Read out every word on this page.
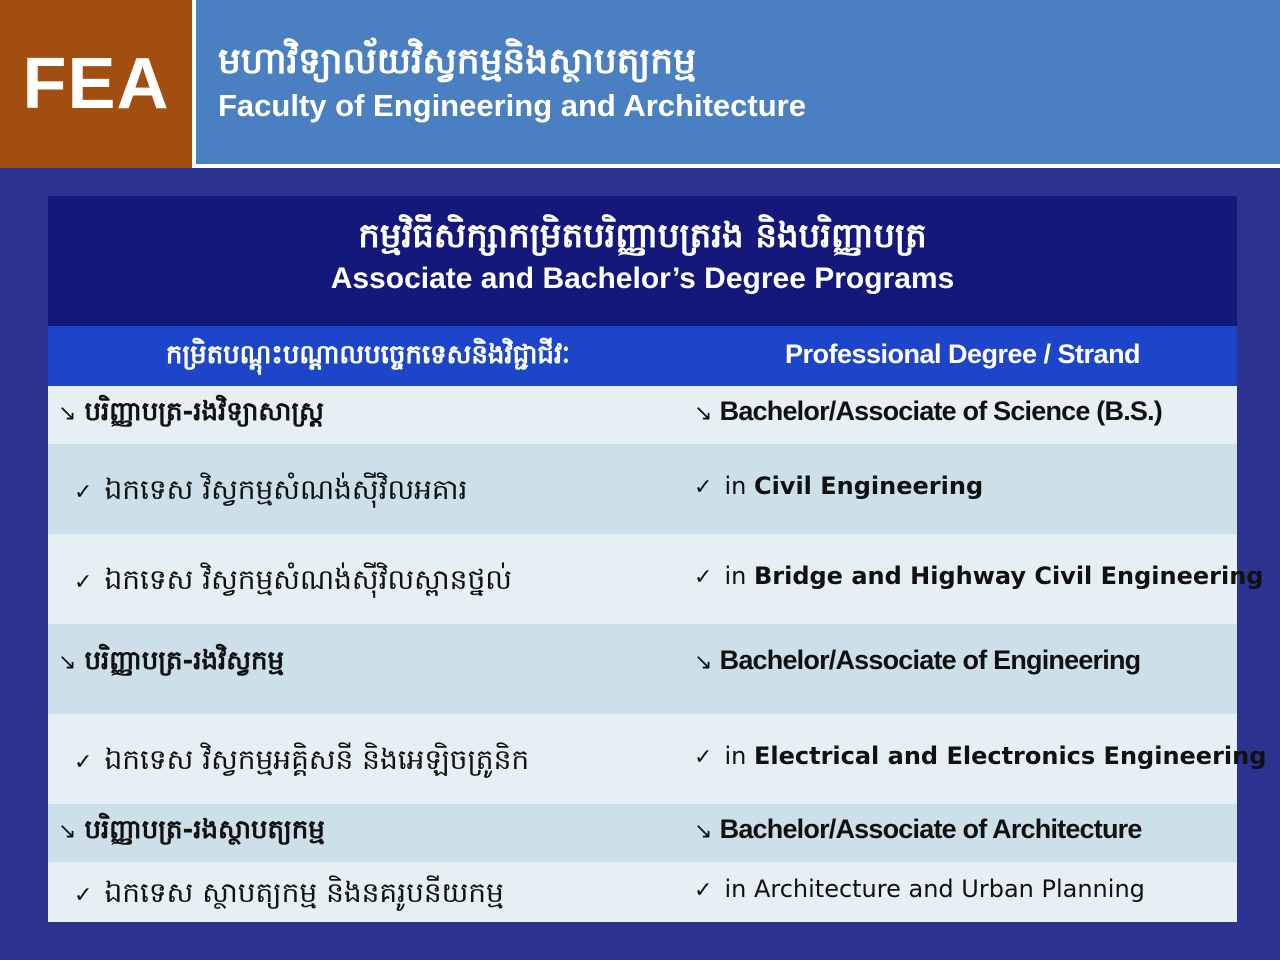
FEA មហាវិទ្យាល័យវិស្វកម្មនិងស្ថាបត្យកម្ម
Faculty of Engineering and Architecture
កម្មវិធីសិក្សាកម្រិតបរិញ្ញាបត្ររង និងបរិញ្ញាបត្រ
Associate and Bachelor’s Degree Programs
កម្រិតបណ្ដុះបណ្ដាលបច្ចេកទេសនិងវិជ្ជាជីវៈ	Professional Degree / Strand
↘ បរិញ្ញាបត្រ-រងវិទ្យាសាស្ត្រ	↘ Bachelor/Associate of Science (B.S.)
✓ ឯកទេស វិស្វកម្មសំណង់ស៊ីវិលអគារ	✓ in Civil Engineering
✓ ឯកទេស វិស្វកម្មសំណង់ស៊ីវិលស្ពានថ្នល់	✓ in Bridge and Highway Civil Engineering
↘ បរិញ្ញាបត្រ-រងវិស្វកម្ម	↘ Bachelor/Associate of Engineering
✓ ឯកទេស វិស្វកម្មអគ្គិសនី និងអេឡិចត្រូនិក	✓ in Electrical and Electronics Engineering
↘ បរិញ្ញាបត្រ-រងស្ថាបត្យកម្ម	↘ Bachelor/Associate of Architecture
✓ ឯកទេស ស្ថាបត្យកម្ម និងនគរូបនីយកម្ម	✓ in Architecture and Urban Planning
